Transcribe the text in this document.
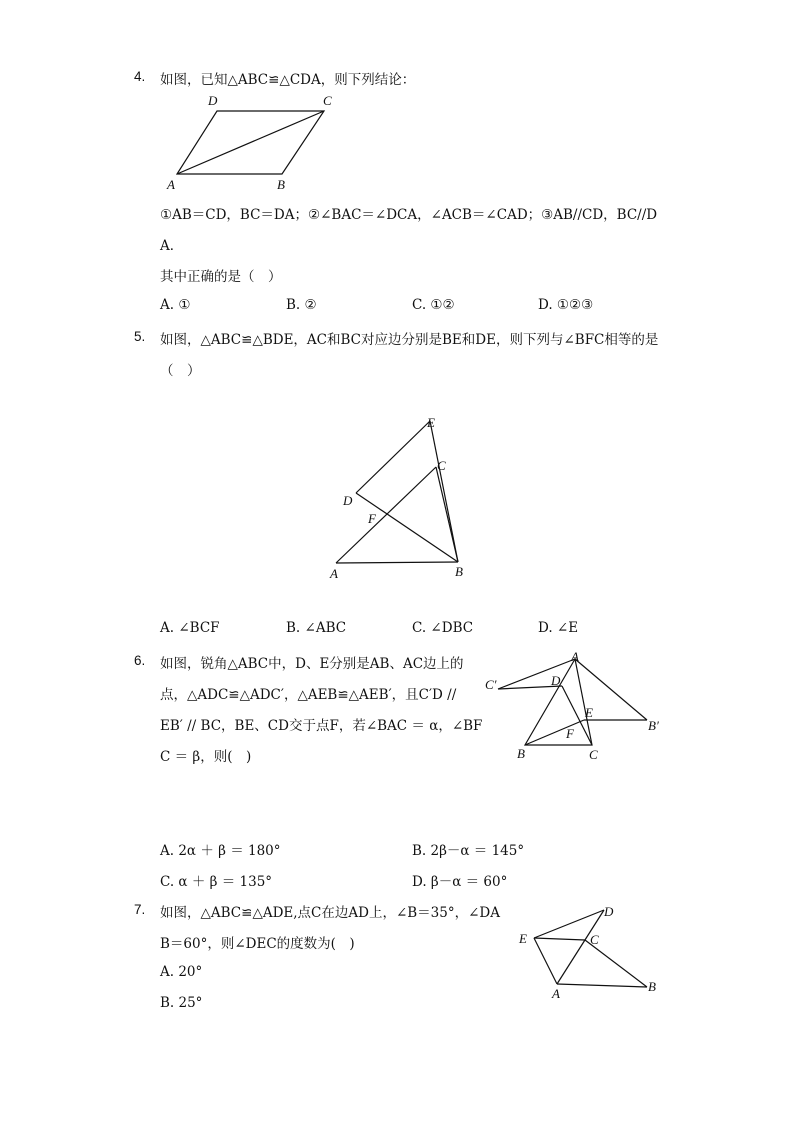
4. 如图，已知△ABC≌△CDA，则下列结论：
D	C
A	B
①AB＝CD，BC＝DA；②∠BAC＝∠DCA，∠ACB＝∠CAD；③AB//CD，BC//D
A．
其中正确的是（　）
A. ①	B. ②	C. ①②	D. ①②③
5. 如图，△ABC≌△BDE，AC和BC对应边分别是BE和DE，则下列与∠BFC相等的是
（　）
E
C
D
F
A	B
A. ∠BCF	B. ∠ABC	C. ∠DBC	D. ∠E
6. 如图，锐角△ABC中，D、E分别是AB、AC边上的
点，△ADC≌△ADC′，△AEB≌△AEB′，且C′D //
EB′ // BC，BE、CD交于点F，若∠BAC ＝ α，∠BF
C ＝ β，则(　)
A
C′	D
E
B′
F
B	C
A. 2α ＋ β ＝ 180°	B. 2β－α ＝ 145°
C. α ＋ β ＝ 135°	D. β－α ＝ 60°
7. 如图，△ABC≌△ADE,点C在边AD上，∠B＝35°，∠DA
B＝60°，则∠DEC的度数为(　)
D
E	C
A	B
A. 20°
B. 25°
